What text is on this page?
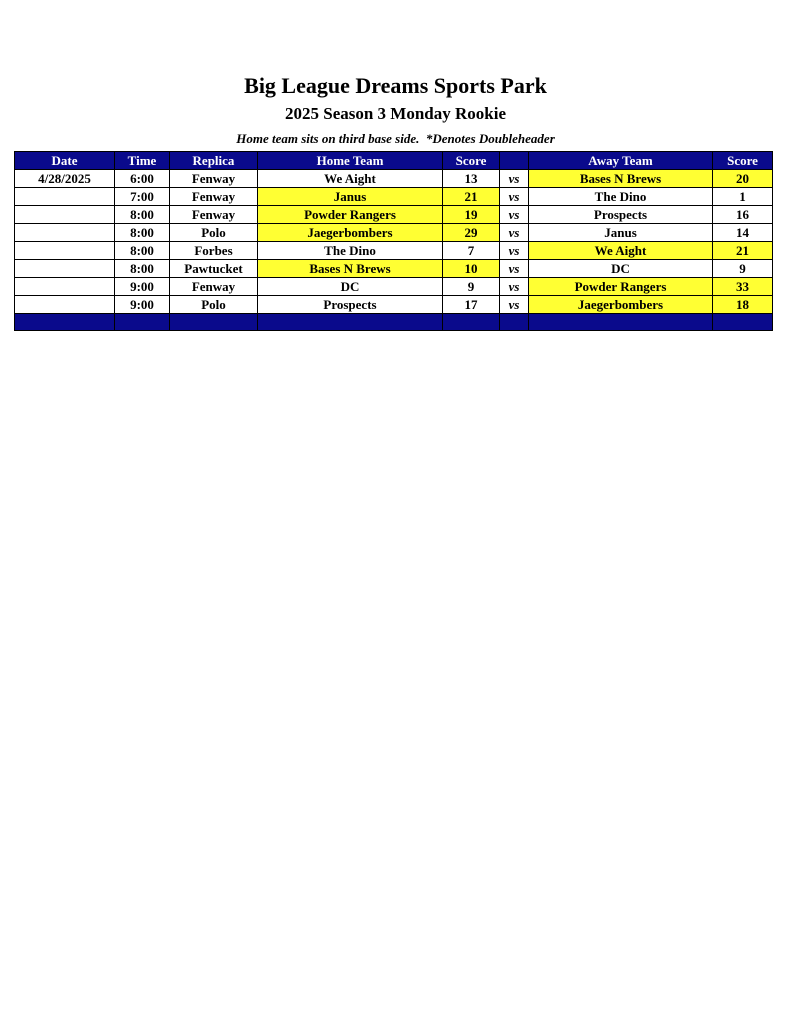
Big League Dreams Sports Park
2025 Season 3 Monday Rookie
Home team sits on third base side.  *Denotes Doubleheader
Date	Time	Replica	Home Team	Score		Away Team	Score
4/28/2025	6:00	Fenway	We Aight	13	vs	Bases N Brews	20
	7:00	Fenway	Janus	21	vs	The Dino	1
	8:00	Fenway	Powder Rangers	19	vs	Prospects	16
	8:00	Polo	Jaegerbombers	29	vs	Janus	14
	8:00	Forbes	The Dino	7	vs	We Aight	21
	8:00	Pawtucket	Bases N Brews	10	vs	DC	9
	9:00	Fenway	DC	9	vs	Powder Rangers	33
	9:00	Polo	Prospects	17	vs	Jaegerbombers	18
